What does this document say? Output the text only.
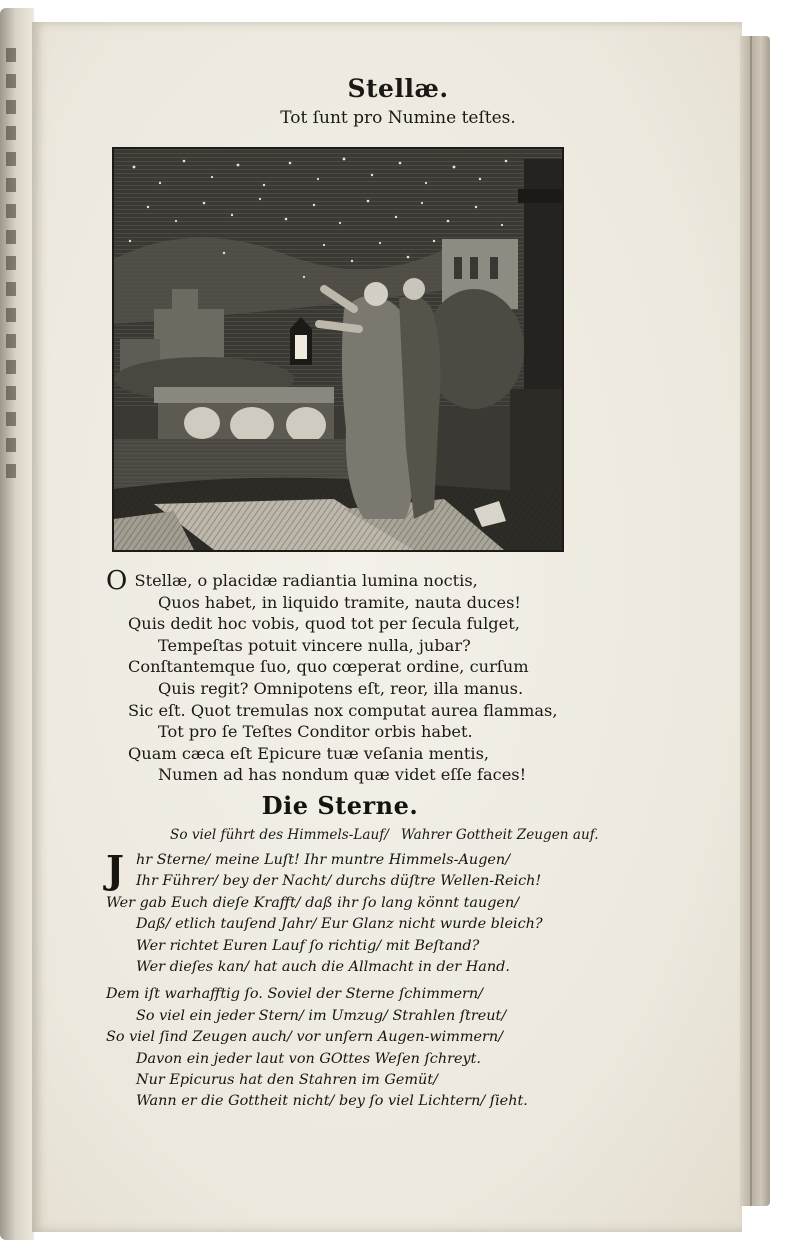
Stellæ.
Tot ſunt pro Numine teſtes.
O Stellæ, o placidæ radiantia lumina noctis,
Quos habet, in liquido tramite, nauta duces!
Quis dedit hoc vobis, quod tot per ſecula fulget,
Tempeſtas potuit vincere nulla, jubar?
Conſtantemque ſuo, quo cœperat ordine, curſum
Quis regit? Omnipotens eſt, reor, illa manus.
Sic eſt. Quot tremulas nox computat aurea flammas,
Tot pro ſe Teſtes Conditor orbis habet.
Quam cæca eſt Epicure tuæ veſania mentis,
Numen ad has nondum quæ videt eſſe faces!
Die Sterne.
So viel führt des Himmels-Lauf/ Wahrer Gottheit Zeugen auf.
J hr Sterne/ meine Luſt! Ihr muntre Himmels-Augen/
Ihr Führer/ bey der Nacht/ durchs düſtre Wellen-Reich!
Wer gab Euch dieſe Krafft/ daß ihr ſo lang könnt taugen/
Daß/ etlich tauſend Jahr/ Eur Glanz nicht wurde bleich?
Wer richtet Euren Lauf ſo richtig/ mit Beſtand?
Wer dieſes kan/ hat auch die Allmacht in der Hand.
Dem iſt warhafftig ſo. Soviel der Sterne ſchimmern/
So viel ein jeder Stern/ im Umzug/ Strahlen ſtreut/
So viel ſind Zeugen auch/ vor unſern Augen-wimmern/
Davon ein jeder laut von GOttes Weſen ſchreyt.
Nur Epicurus hat den Stahren im Gemüt/
Wann er die Gottheit nicht/ bey ſo viel Lichtern/ ſieht.
